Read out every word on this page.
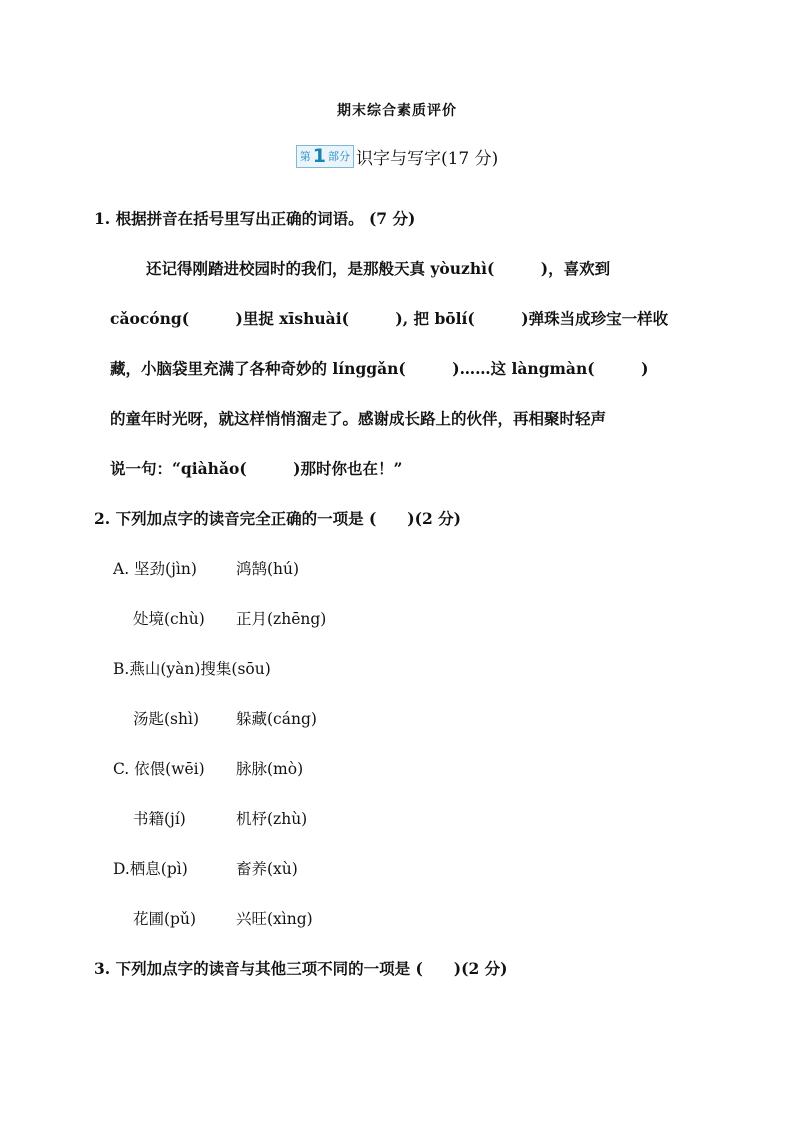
期末综合素质评价
第 1 部分 识字与写字(17 分)
1. 根据拼音在括号里写出正确的词语。 (7 分)
还记得刚踏进校园时的我们，是那般天真 yòuzhì(　　　)，喜欢到
cǎocóng(　　　)里捉 xīshuài(　　　), 把 bōlí(　　　)弹珠当成珍宝一样收
藏，小脑袋里充满了各种奇妙的 línggǎn(　　　)……这 làngmàn(　　　)
的童年时光呀，就这样悄悄溜走了。感谢成长路上的伙伴，再相聚时轻声
说一句：“qiàhǎo(　　　)那时你也在！”
2. 下列加点字的读音完全正确的一项是 (　　)(2 分)
A. 坚劲(jìn)	鸿鹄(hú)
处境(chù) 正月(zhēng)
B.燕山(yàn)搜集(sōu)
汤匙(shì) 躲藏(cáng)
C. 依偎(wēi) 脉脉(mò)
书籍(jí)	机杼(zhù)
D.栖息(pì)	畜养(xù)
花圃(pǔ)	兴旺(xìng)
3. 下列加点字的读音与其他三项不同的一项是 (　　)(2 分)
